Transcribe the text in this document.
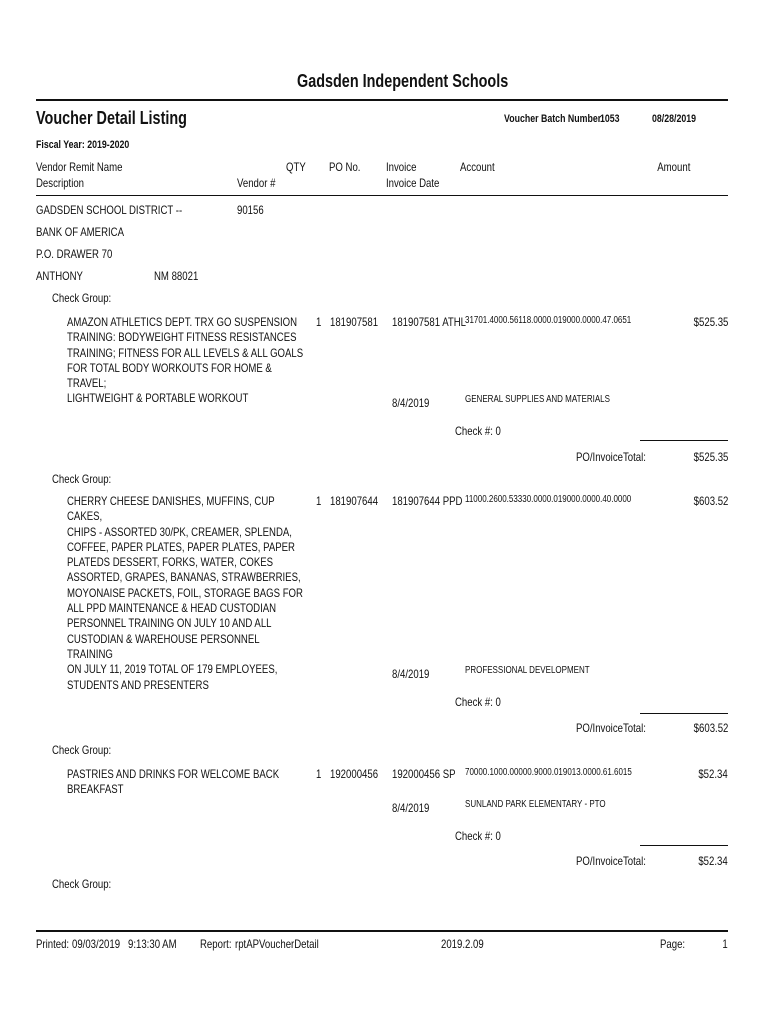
Gadsden Independent Schools
Voucher Detail Listing	Voucher Batch Number:
1053	08/28/2019
Fiscal Year: 2019-2020
Vendor Remit Name
Description	Vendor #
QTY PO No. Invoice
Invoice Date
Account	Amount
GADSDEN SCHOOL DISTRICT --	90156
BANK OF AMERICA
P.O. DRAWER 70
ANTHONY	NM 88021
Check Group:
AMAZON ATHLETICS DEPT. TRX GO SUSPENSION
TRAINING: BODYWEIGHT FITNESS RESISTANCES
TRAINING; FITNESS FOR ALL LEVELS & ALL GOALS
FOR TOTAL BODY WORKOUTS FOR HOME & TRAVEL;
LIGHTWEIGHT & PORTABLE WORKOUT
1 181907581 181907581 ATHL
31701.4000.56118.0000.019000.0000.47.0651	$525.35
8/4/2019	GENERAL SUPPLIES AND MATERIALS
Check #: 0
PO/InvoiceTotal:	$525.35
Check Group:
CHERRY CHEESE DANISHES, MUFFINS, CUP CAKES,
CHIPS - ASSORTED 30/PK, CREAMER, SPLENDA,
COFFEE, PAPER PLATES, PAPER PLATES, PAPER
PLATEDS DESSERT, FORKS, WATER, COKES
ASSORTED, GRAPES, BANANAS, STRAWBERRIES,
MOYONAISE PACKETS, FOIL, STORAGE BAGS FOR
ALL PPD MAINTENANCE & HEAD CUSTODIAN
PERSONNEL TRAINING ON JULY 10 AND ALL
CUSTODIAN & WAREHOUSE PERSONNEL TRAINING
ON JULY 11, 2019 TOTAL OF 179 EMPLOYEES,
STUDENTS AND PRESENTERS
1 181907644 181907644 PPD 11000.2600.53330.0000.019000.0000.40.0000	$603.52
8/4/2019	PROFESSIONAL DEVELOPMENT
Check #: 0
PO/InvoiceTotal:	$603.52
Check Group:
PASTRIES AND DRINKS FOR WELCOME BACK
BREAKFAST
1 192000456 192000456 SP 70000.1000.00000.9000.019013.0000.61.6015	$52.34
8/4/2019	SUNLAND PARK ELEMENTARY - PTO
Check #: 0
PO/InvoiceTotal:	$52.34
Check Group:
Printed: 09/03/2019 9:13:30 AM Report: rptAPVoucherDetail	2019.2.09	Page:	1
